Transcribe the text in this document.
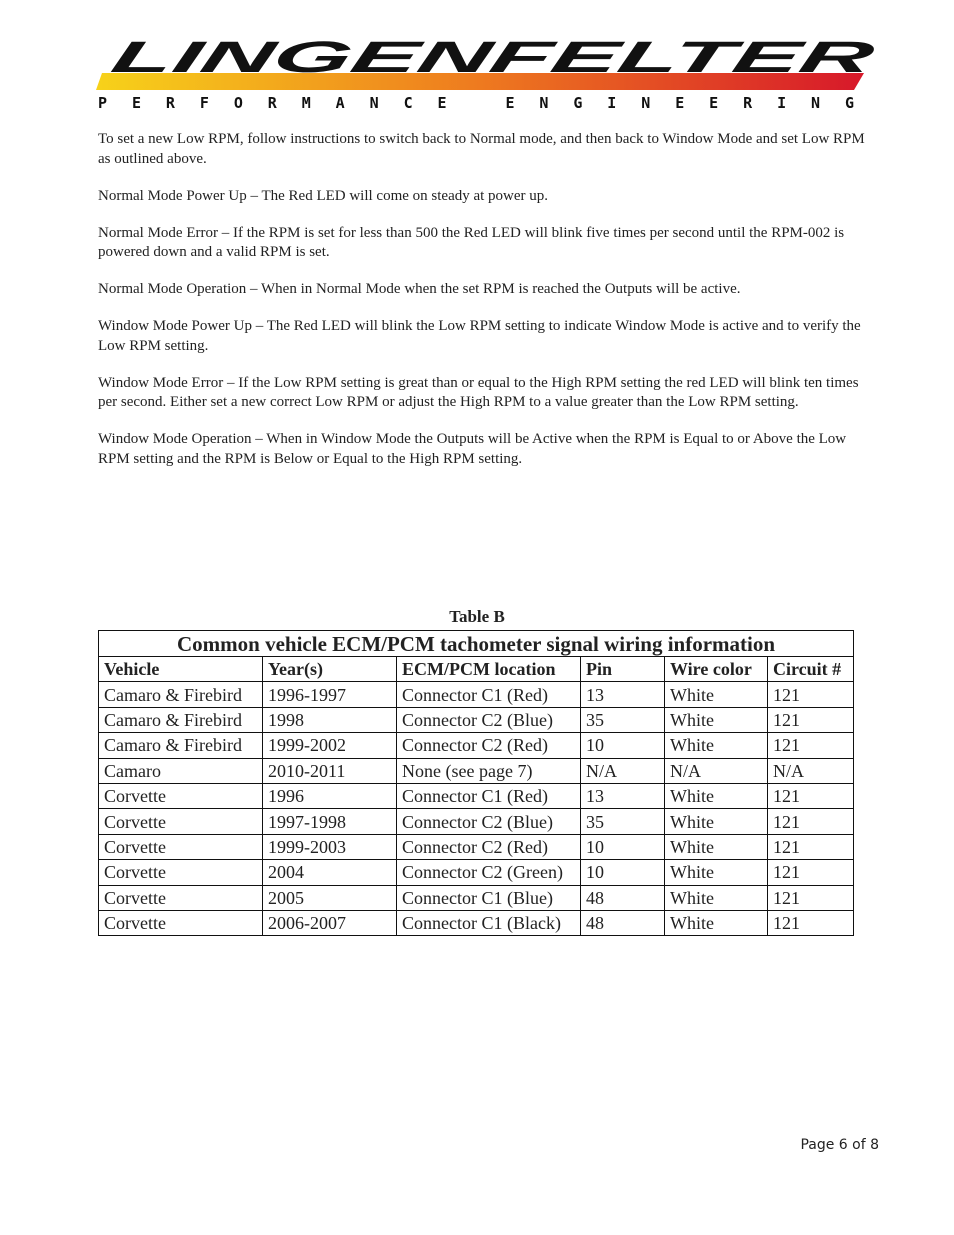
LINGENFELTER
PERFORMANCE ENGINEERING

To set a new Low RPM, follow instructions to switch back to Normal mode, and then back to Window Mode and set Low RPM as outlined above.

Normal Mode Power Up – The Red LED will come on steady at power up.

Normal Mode Error – If the RPM is set for less than 500 the Red LED will blink five times per second until the RPM-002 is powered down and a valid RPM is set.

Normal Mode Operation – When in Normal Mode when the set RPM is reached the Outputs will be active.

Window Mode Power Up – The Red LED will blink the Low RPM setting to indicate Window Mode is active and to verify the Low RPM setting.

Window Mode Error – If the Low RPM setting is great than or equal to the High RPM setting the red LED will blink ten times per second. Either set a new correct Low RPM or adjust the High RPM to a value greater than the Low RPM setting.

Window Mode Operation – When in Window Mode the Outputs will be Active when the RPM is Equal to or Above the Low RPM setting and the RPM is Below or Equal to the High RPM setting.

Table B
Common vehicle ECM/PCM tachometer signal wiring information					
Vehicle	Year(s)	ECM/PCM location	Pin	Wire color	Circuit #
Camaro & Firebird	1996-1997	Connector C1 (Red)	13	White	121
Camaro & Firebird	1998	Connector C2 (Blue)	35	White	121
Camaro & Firebird	1999-2002	Connector C2 (Red)	10	White	121
Camaro	2010-2011	None (see page 7)	N/A	N/A	N/A
Corvette	1996	Connector C1 (Red)	13	White	121
Corvette	1997-1998	Connector C2 (Blue)	35	White	121
Corvette	1999-2003	Connector C2 (Red)	10	White	121
Corvette	2004	Connector C2 (Green)	10	White	121
Corvette	2005	Connector C1 (Blue)	48	White	121
Corvette	2006-2007	Connector C1 (Black)	48	White	121
Page 6 of 8
